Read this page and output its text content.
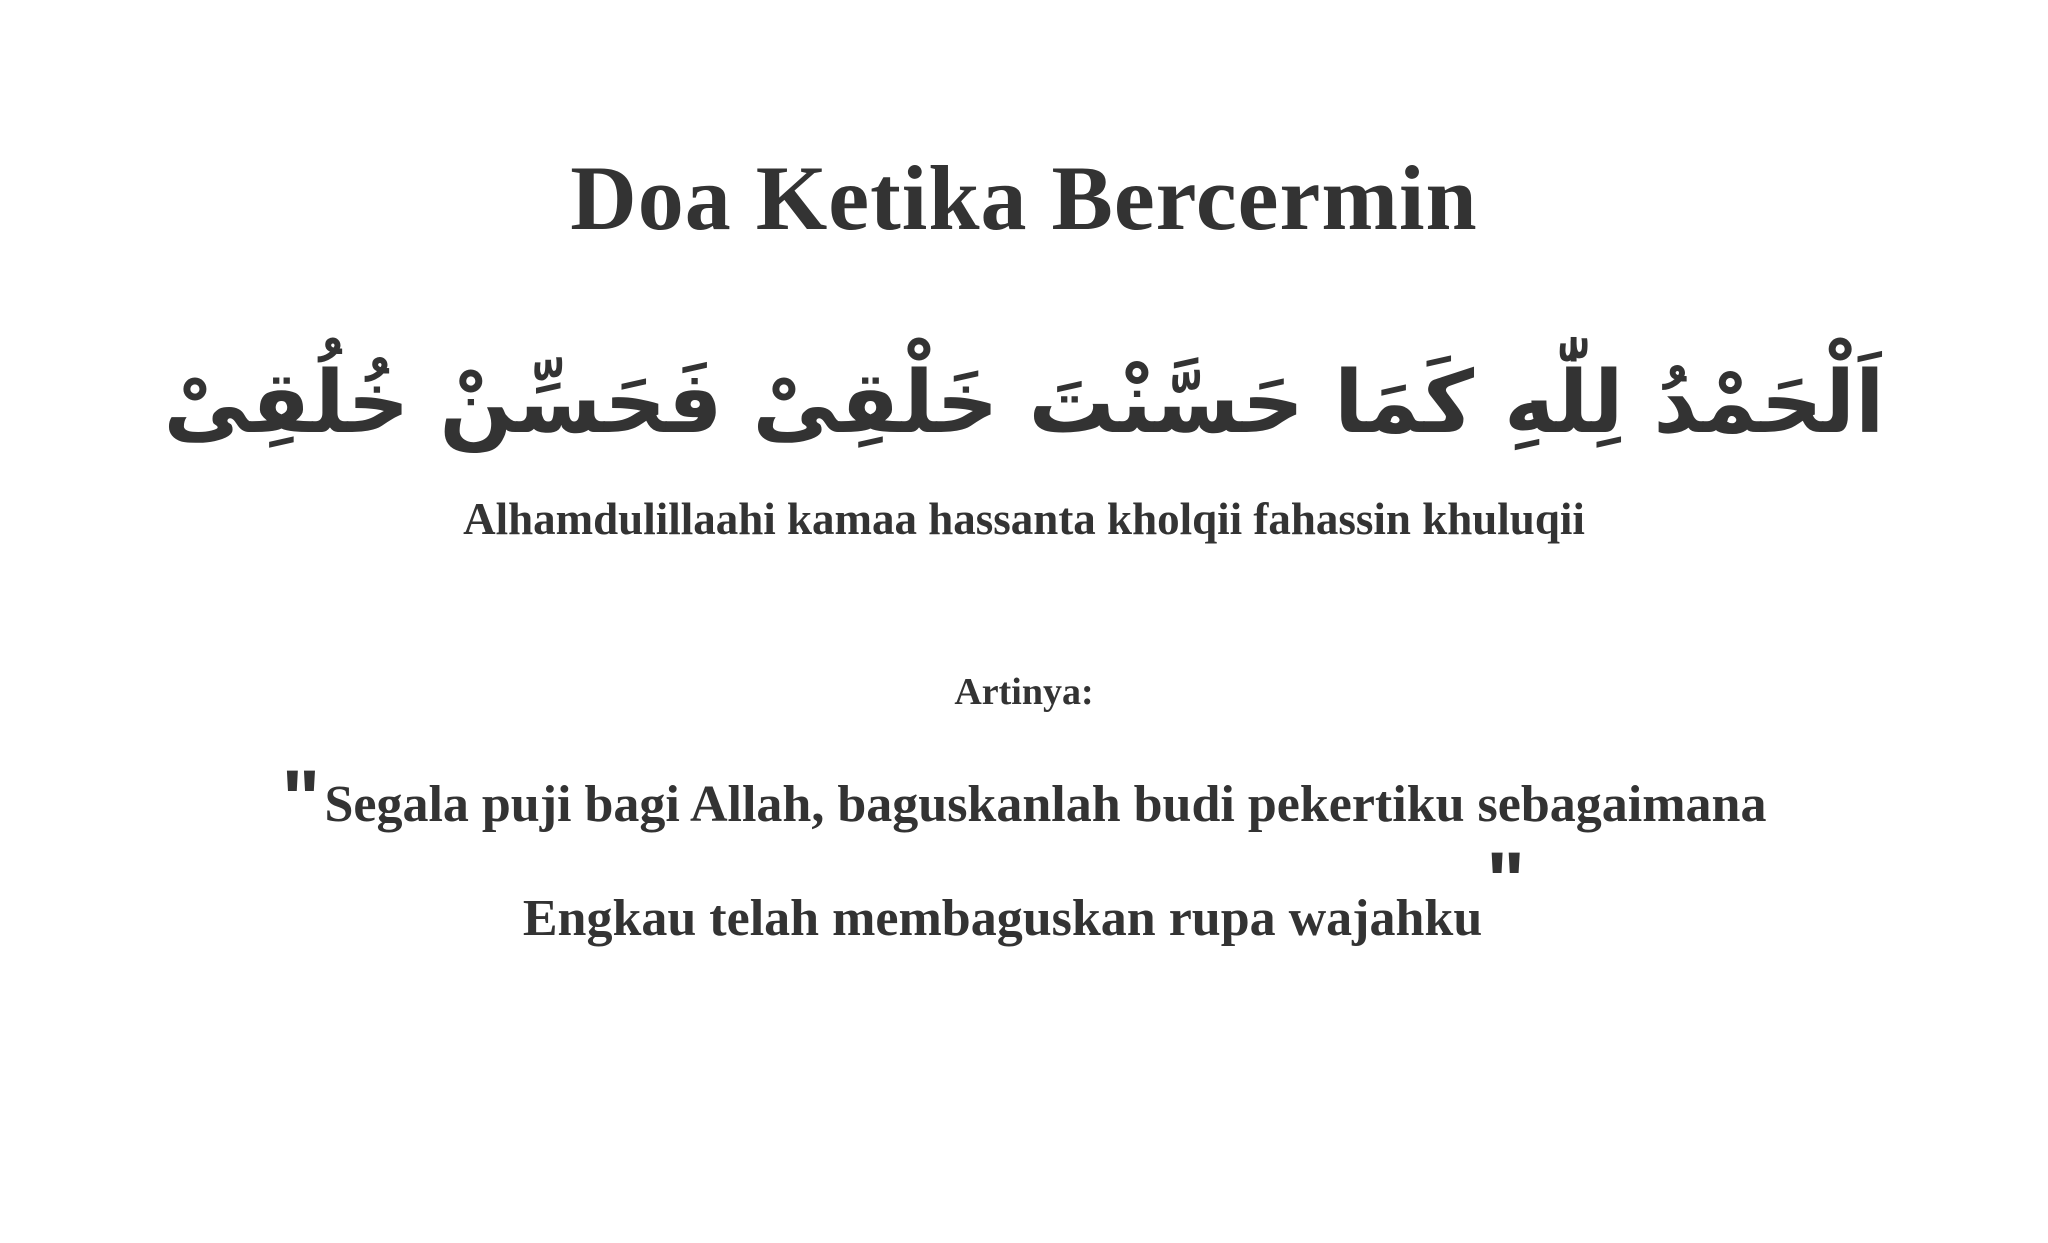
Doa Ketika Bercermin
اَلْحَمْدُ لِلّٰهِ كَمَا حَسَّنْتَ خَلْقِىْ فَحَسِّنْ خُلُقِىْ
Alhamdulillaahi kamaa hassanta kholqii fahassin khuluqii
Artinya:
"Segala puji bagi Allah, baguskanlah budi pekertiku sebagaimana
Engkau telah membaguskan rupa wajahku"
